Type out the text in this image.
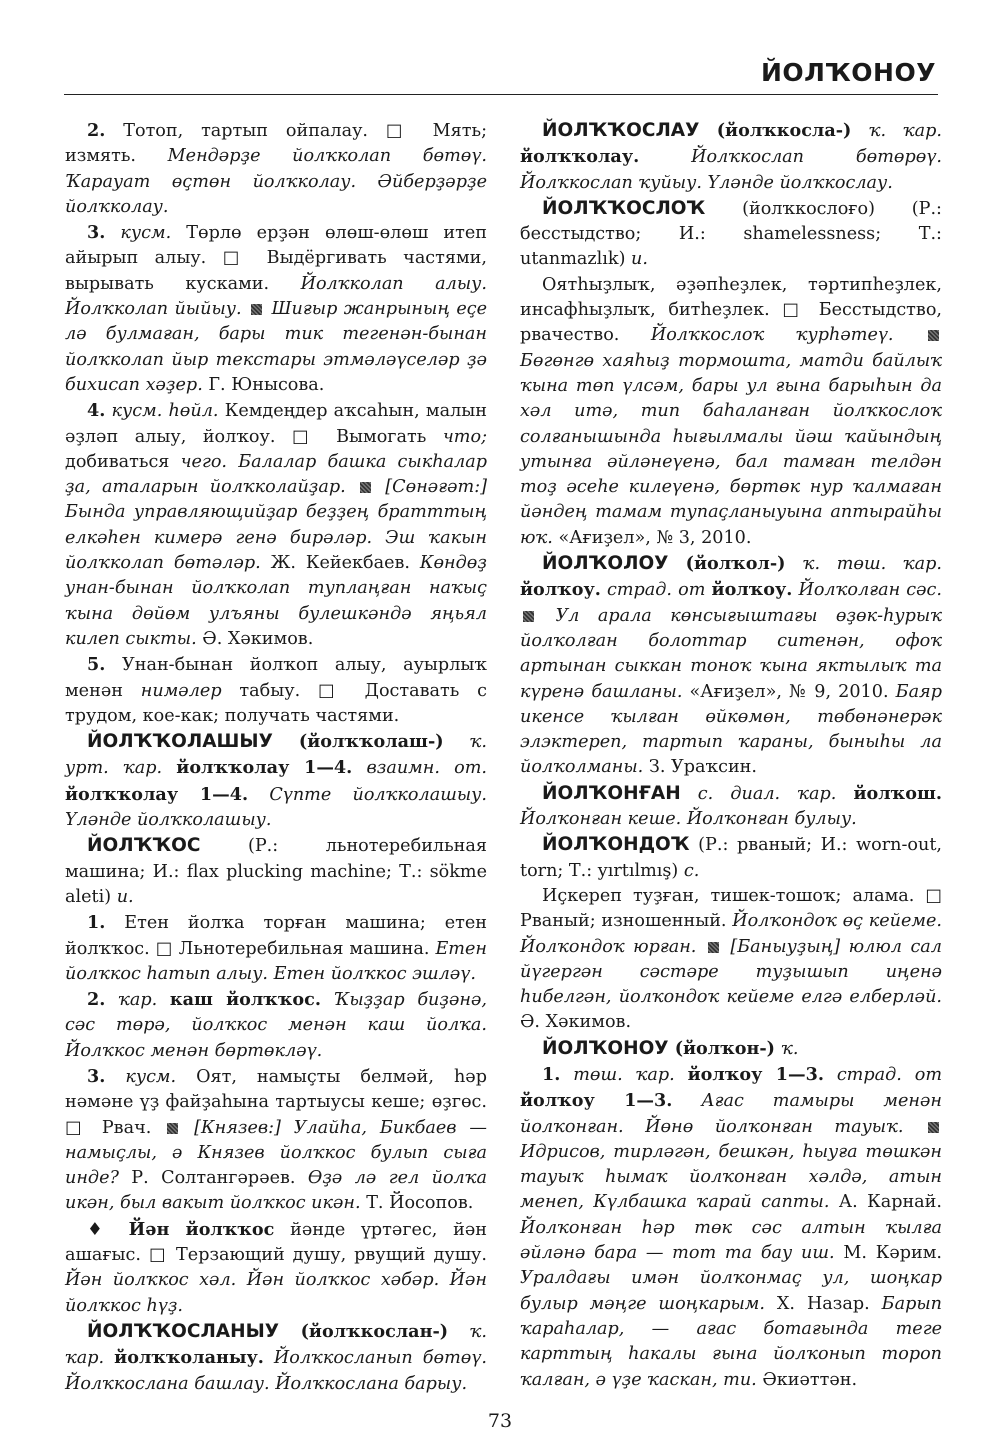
ЙОЛҠОНОУ

2. Тотоп, тартып ойпалау. □ Мять; измять. Мендәрҙе йолҡколап бөтөү. Ҡарауат өҫтөн йолҡколау. Әйберҙәрҙе йолҡколау.

3. кусм. Төрлө ерҙән өлөш-өлөш итеп айырып алыу. □ Выдёргивать частями, вырывать кусками. Йолҡколап алыу. Йолҡколап йыйыу.  Шиғыр жанрының еҫе лә булмаған, бары тик тегенән-бынан йолҡколап йыр текстары этмәләүселәр ҙә бихисап хәҙер. Г. Юнысова.

4. кусм. һөйл. Кемдеңдер аҡсаһын, малын әҙләп алыу, йолҡоу. □ Вымогать что; добиваться чего. Балалар башка сыкһалар ҙа, аталарын йолҡколайҙар.  [Сөнәғәт:] Бында управляющийҙар беҙҙең братттың елкәһен кимерә генә бирәләр. Эш ҡакын йолҡколап бөтәләр. Ж. Кейекбаев. Көндөҙ унан-бынан йолҡколап туплаңған наҡыҫ ҡына дөйөм улъяны булешкәндә яңьял килеп сыкты. Ә. Хәкимов.

5. Унан-бынан йолҡоп алыу, ауырлыҡ менән нимәлер табыу. □ Доставать с трудом, кое-как; получать частями.

ЙОЛҠҠОЛАШЫУ (йолҡҡолаш-) ҡ. урт. ҡар. йолҡҡолау 1—4. взаимн. от. йолҡҡолау 1—4. Сүпте йолҡколашыу. Үләнде йолҡколашыу.

ЙОЛҠҠОС (Р.: льнотеребильная машина; И.: flax plucking machine; Т.: sökme aleti) и.

1. Етен йолҡа торған машина; етен йолҡҡос. □ Льнотеребильная машина. Етен йолҡкос һатып алыу. Етен йолҡкос эшләү.

2. ҡар. каш йолҡҡос. Ҡыҙҙар биҙәнә, сәс төрә, йолҡкос менән каш йолҡа. Йолҡкос менән бөртөкләү.

3. кусм. Оят, намыҫты белмәй, һәр нәмәне үҙ файҙаһына тартыусы кеше; өҙгөс. □ Рвач.  [Князев:] Улайһа, Бикбаев — намыҫлы, ә Князев йолҡкос булып сыға инде? Р. Солтангәрәев. Өҙә лә гел йолҡа икән, был вакыт йолҡкос икән. Т. Йосопов.

♦ Йән йолҡҡос йәнде үртәгес, йән ашағыс. □ Терзающий душу, рвущий душу. Йән йолҡкос хәл. Йән йолҡкос хәбәр. Йән йолҡкос һүҙ.

ЙОЛҠҠОСЛАНЫУ (йолҡкослан-) ҡ. ҡар. йолҡҡоланыу. Йолҡкосланып бөтөү. Йолҡкослана башлау. Йолҡкослана барыу.

ЙОЛҠҠОСЛАУ (йолҡкосла-) ҡ. ҡар. йолҡҡолау. Йолҡкослап бөтөрөү. Йолҡкослап ҡуйыу. Үләнде йолҡкослау.

ЙОЛҠҠОСЛОҠ (йолҡкослоғо) (Р.: бесстыдство; И.: shamelessness; Т.: utanmazlık) и.

Оятһыҙлыҡ, әҙәпһеҙлек, тәртипһеҙлек, инсафһыҙлыҡ, битһеҙлек. □ Бесстыдство, рвачество. Йолҡкослоҡ ҡурһәтеү.  Бөгөнгө хаяһыҙ тормошта, матди байлыҡ ҡына төп үлсәм, бары ул ғына барыһын да хәл итә, тип баһаланған йолҡкослоҡ солғанышында һығылмалы йәш ҡайындың утынға әйләнеүенә, бал тамған телдән тоҙ әсеһе килеүенә, бөртөк нур ҡалмаған йәндең тамам тупаҫланыуына аптырайһы юҡ. «Ағиҙел», № 3, 2010.

ЙОЛҠОЛОУ (йолҡол-) ҡ. төш. ҡар. йолҡоу. страд. от йолҡоу. Йолҡолған сәс.  Ул арала көнсығыштағы өҙөк-һурыҡ йолҡолған болоттар ситенән, офоҡ артынан сыккан тоноҡ ҡына яктылыҡ та күренә башланы. «Ағиҙел», № 9, 2010. Баяр икенсе ҡылған өйкөмөн, төбөнәнерәк элэктереп, тартып ҡараны, быныһы ла йолҡолманы. З. Ураҡсин.

ЙОЛҠОНҒАН с. диал. ҡар. йолҡош. Йолҡонған кеше. Йолҡонған булыу.

ЙОЛҠОНДОҠ (Р.: рваный; И.: worn-out, torn; Т.: yırtılmış) с.

Иҫкереп туҙған, тишек-тошоҡ; алама. □ Рваный; изношенный. Йолҡондоҡ өҫ кейеме. Йолҡондоҡ юрған.  [Баныуҙың] юлюл сал йүгергән сәстәре туҙышып иңенә һибелгән, йолҡондоҡ кейеме елгә елберләй. Ә. Хәкимов.

ЙОЛҠОНОУ (йолҡон-) ҡ.

1. төш. ҡар. йолҡоу 1—3. страд. от йолҡоу 1—3. Ағас тамыры менән йолҡонған. Йөнө йолҡонған тауыҡ.  Идрисов, тирләгән, бешкән, һыуға төшкән тауыҡ һымаҡ йолҡонған хәлдә, атын менеп, Күлбашка ҡарай сапты. А. Карнай. Йолҡонған һәр төк сәс алтын ҡылға әйләнә бара — тот та бау иш. М. Кәрим. Уралдағы имән йолҡонмаҫ ул, шоңкар булыр мәңге шоңкарым. Х. Назар. Барып ҡараһалар, — ағас ботағында теге карттың һакалы ғына йолҡонып тороп ҡалған, ә үҙе ҡаскан, ти. Әкиәттән.

73
